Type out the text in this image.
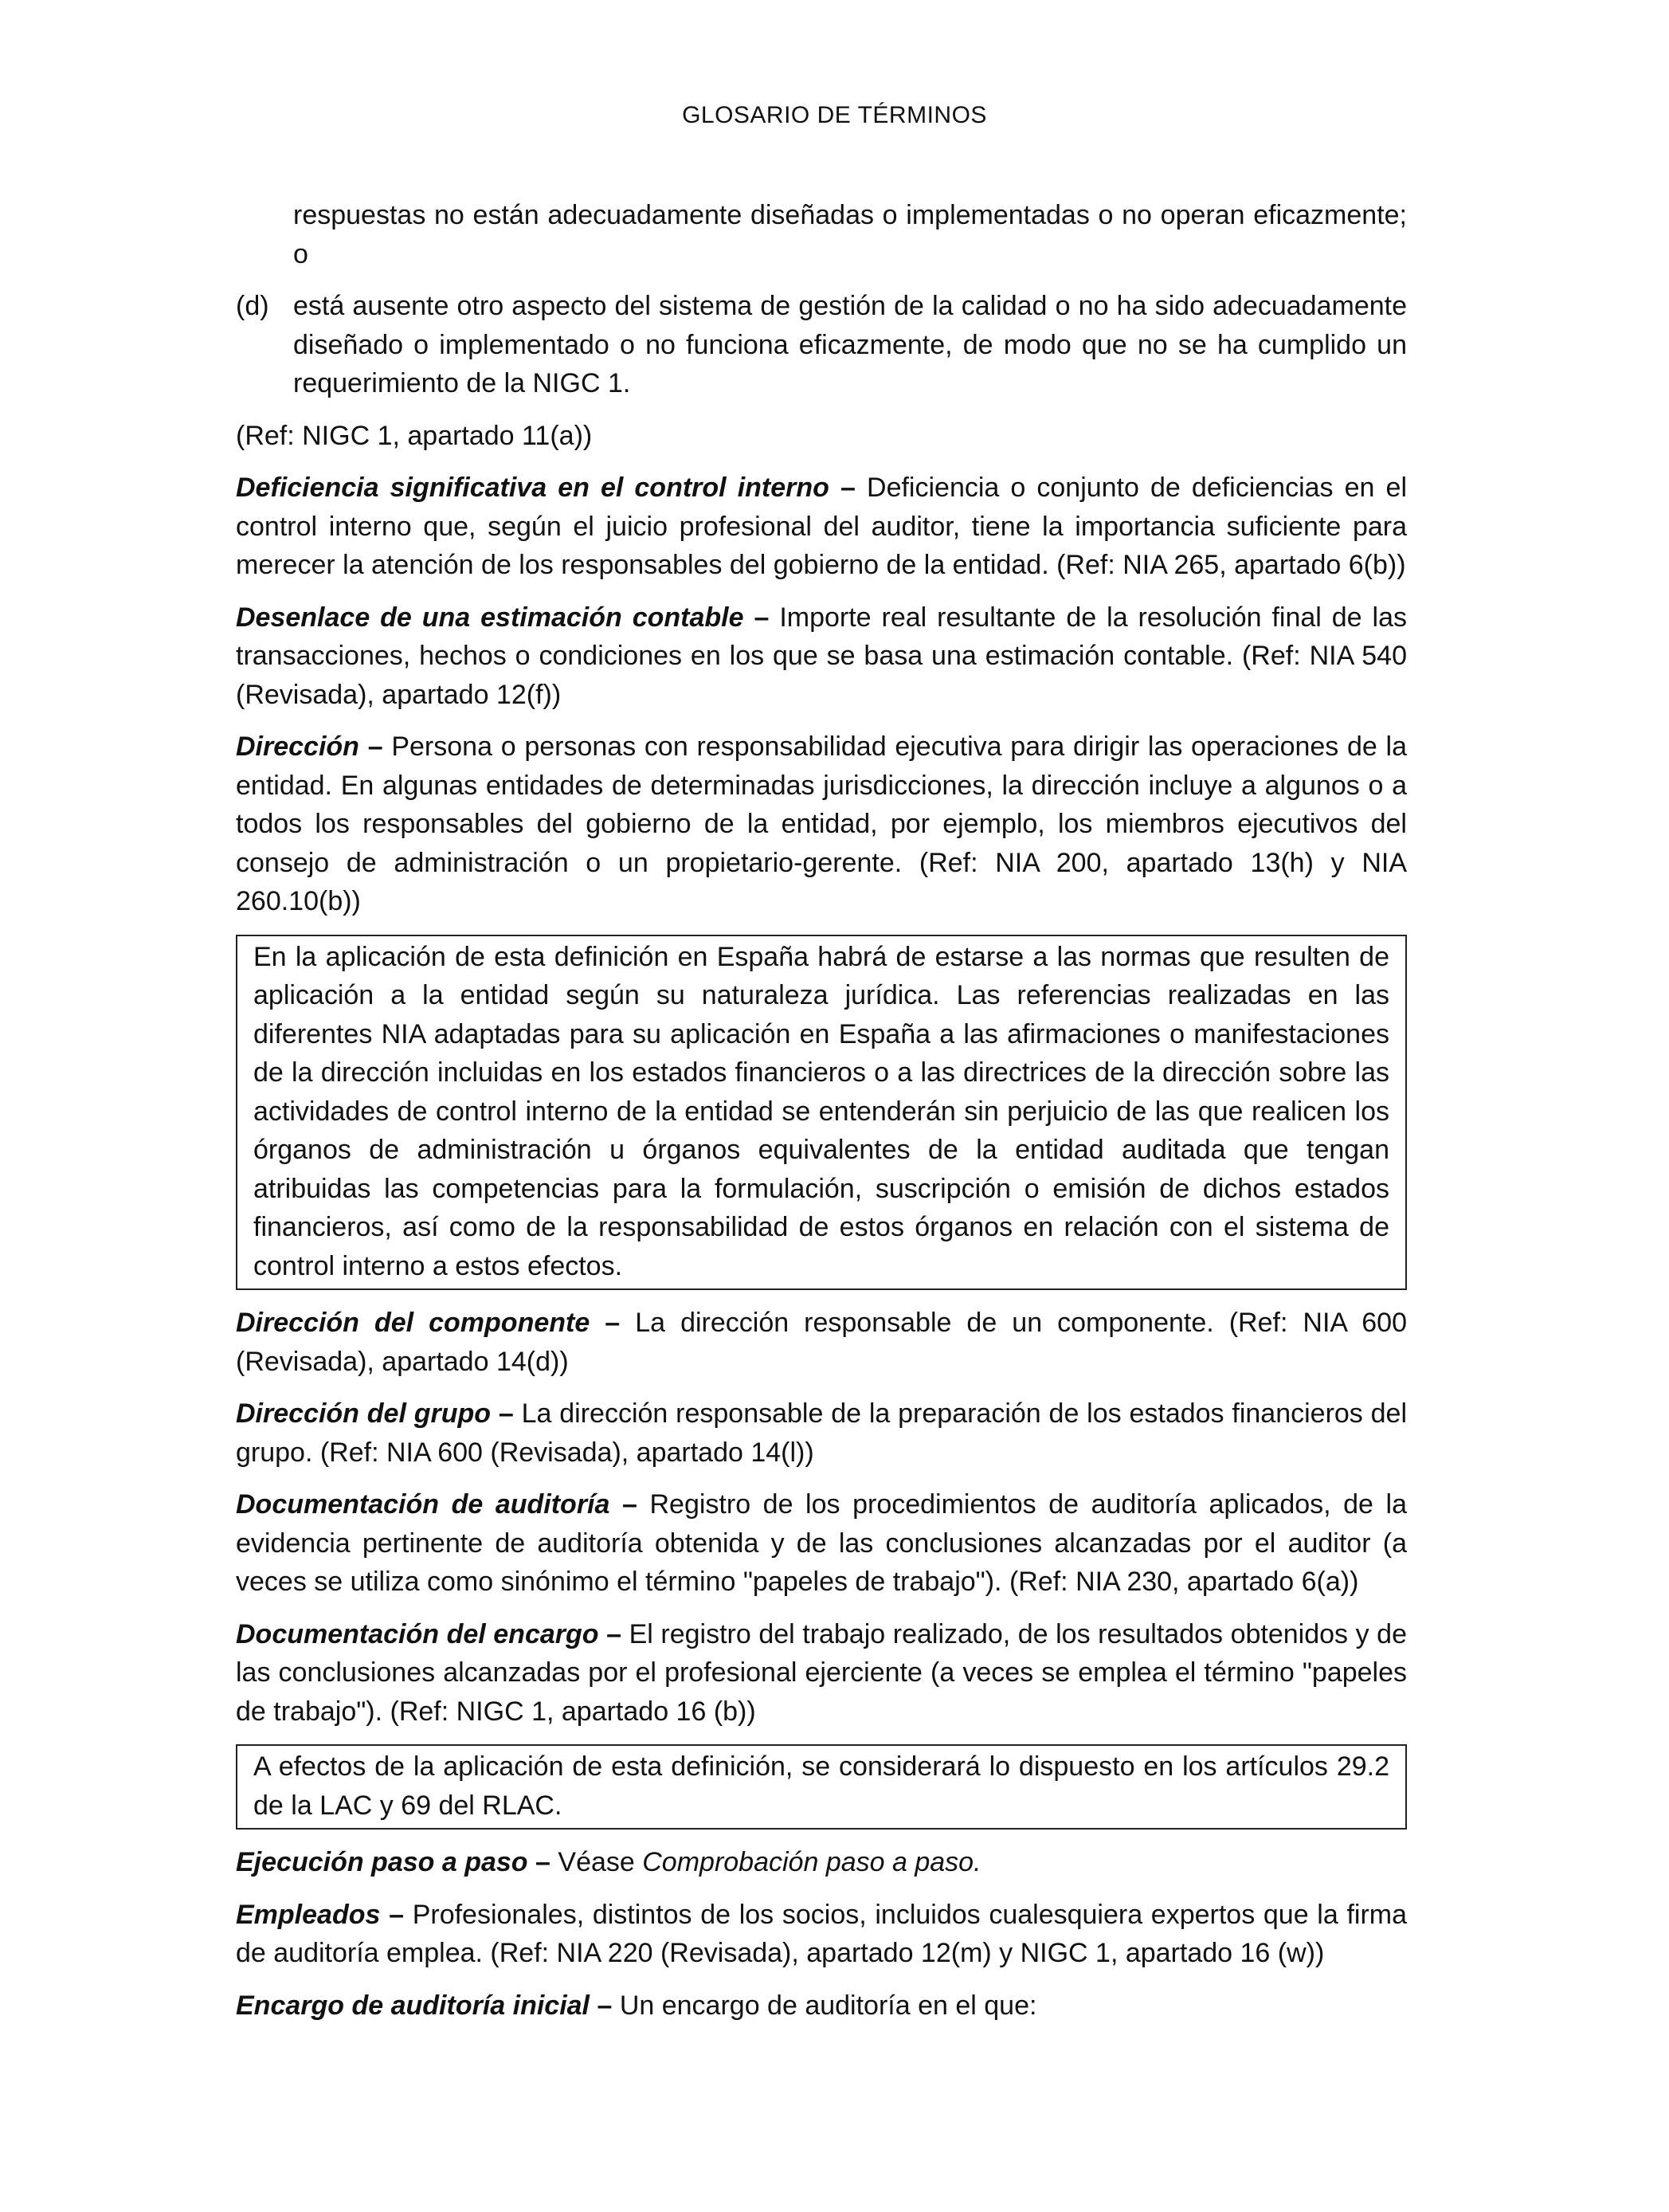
GLOSARIO DE TÉRMINOS

respuestas no están adecuadamente diseñadas o implementadas o no operan eficazmente; o

(d) está ausente otro aspecto del sistema de gestión de la calidad o no ha sido adecuadamente diseñado o implementado o no funciona eficazmente, de modo que no se ha cumplido un requerimiento de la NIGC 1.

(Ref: NIGC 1, apartado 11(a))

Deficiencia significativa en el control interno – Deficiencia o conjunto de deficiencias en el control interno que, según el juicio profesional del auditor, tiene la importancia suficiente para merecer la atención de los responsables del gobierno de la entidad. (Ref: NIA 265, apartado 6(b))

Desenlace de una estimación contable – Importe real resultante de la resolución final de las transacciones, hechos o condiciones en los que se basa una estimación contable. (Ref: NIA 540 (Revisada), apartado 12(f))

Dirección – Persona o personas con responsabilidad ejecutiva para dirigir las operaciones de la entidad. En algunas entidades de determinadas jurisdicciones, la dirección incluye a algunos o a todos los responsables del gobierno de la entidad, por ejemplo, los miembros ejecutivos del consejo de administración o un propietario-gerente. (Ref: NIA 200, apartado 13(h) y NIA 260.10(b))

En la aplicación de esta definición en España habrá de estarse a las normas que resulten de aplicación a la entidad según su naturaleza jurídica. Las referencias realizadas en las diferentes NIA adaptadas para su aplicación en España a las afirmaciones o manifestaciones de la dirección incluidas en los estados financieros o a las directrices de la dirección sobre las actividades de control interno de la entidad se entenderán sin perjuicio de las que realicen los órganos de administración u órganos equivalentes de la entidad auditada que tengan atribuidas las competencias para la formulación, suscripción o emisión de dichos estados financieros, así como de la responsabilidad de estos órganos en relación con el sistema de control interno a estos efectos.

Dirección del componente – La dirección responsable de un componente. (Ref: NIA 600 (Revisada), apartado 14(d))

Dirección del grupo – La dirección responsable de la preparación de los estados financieros del grupo. (Ref: NIA 600 (Revisada), apartado 14(l))

Documentación de auditoría – Registro de los procedimientos de auditoría aplicados, de la evidencia pertinente de auditoría obtenida y de las conclusiones alcanzadas por el auditor (a veces se utiliza como sinónimo el término "papeles de trabajo"). (Ref: NIA 230, apartado 6(a))

Documentación del encargo – El registro del trabajo realizado, de los resultados obtenidos y de las conclusiones alcanzadas por el profesional ejerciente (a veces se emplea el término "papeles de trabajo"). (Ref: NIGC 1, apartado 16 (b))

A efectos de la aplicación de esta definición, se considerará lo dispuesto en los artículos 29.2 de la LAC y 69 del RLAC.

Ejecución paso a paso – Véase Comprobación paso a paso.

Empleados – Profesionales, distintos de los socios, incluidos cualesquiera expertos que la firma de auditoría emplea. (Ref: NIA 220 (Revisada), apartado 12(m) y NIGC 1, apartado 16 (w))

Encargo de auditoría inicial – Un encargo de auditoría en el que:
